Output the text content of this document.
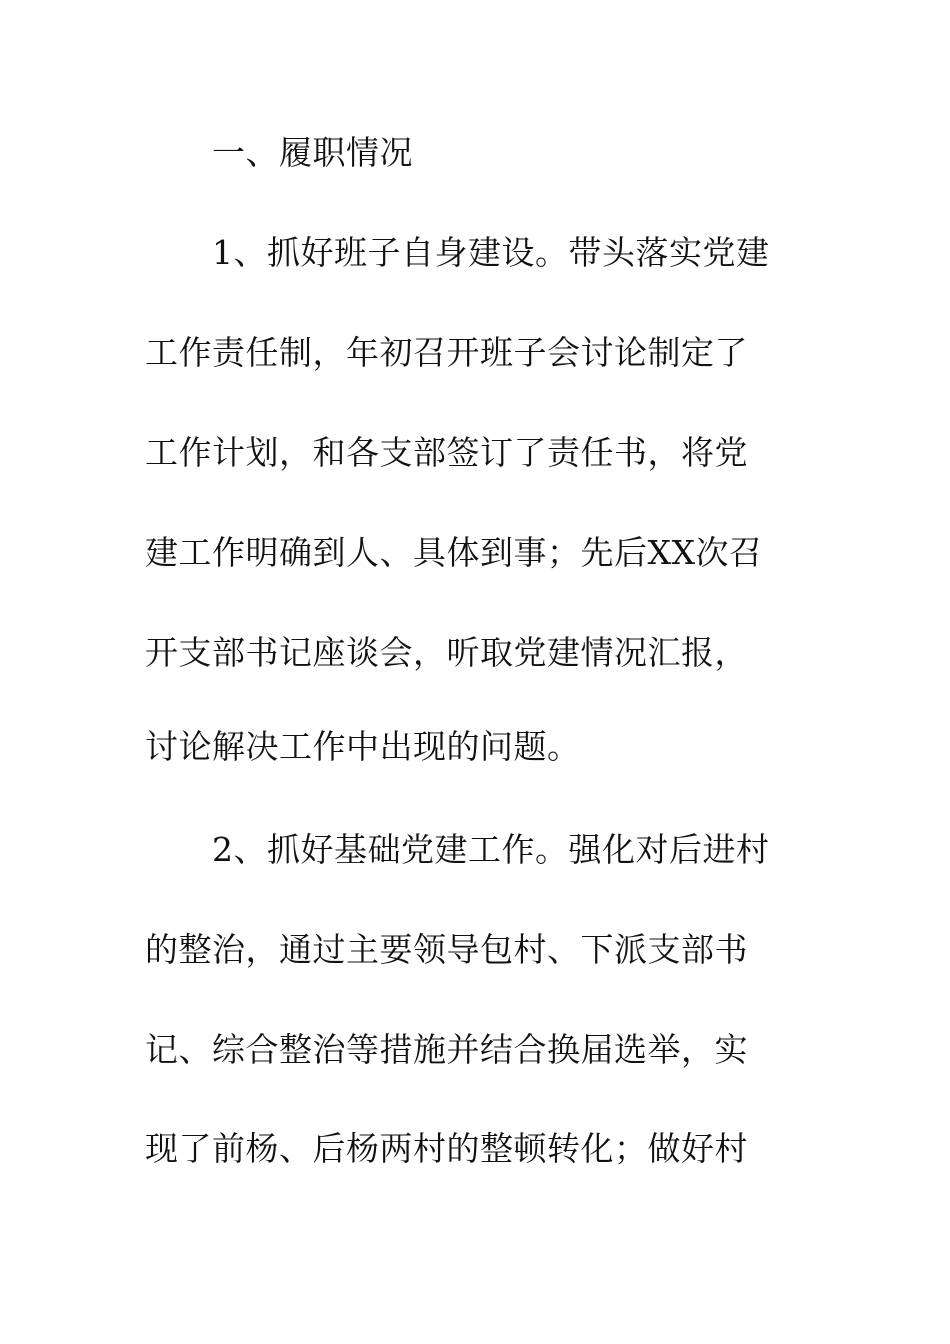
一、履职情况
1、抓好班子自身建设。带头落实党建
工作责任制，年初召开班子会讨论制定了
工作计划，和各支部签订了责任书，将党
建工作明确到人、具体到事；先后XX次召
开支部书记座谈会，听取党建情况汇报，
讨论解决工作中出现的问题。
2、抓好基础党建工作。强化对后进村
的整治，通过主要领导包村、下派支部书
记、综合整治等措施并结合换届选举，实
现了前杨、后杨两村的整顿转化；做好村
